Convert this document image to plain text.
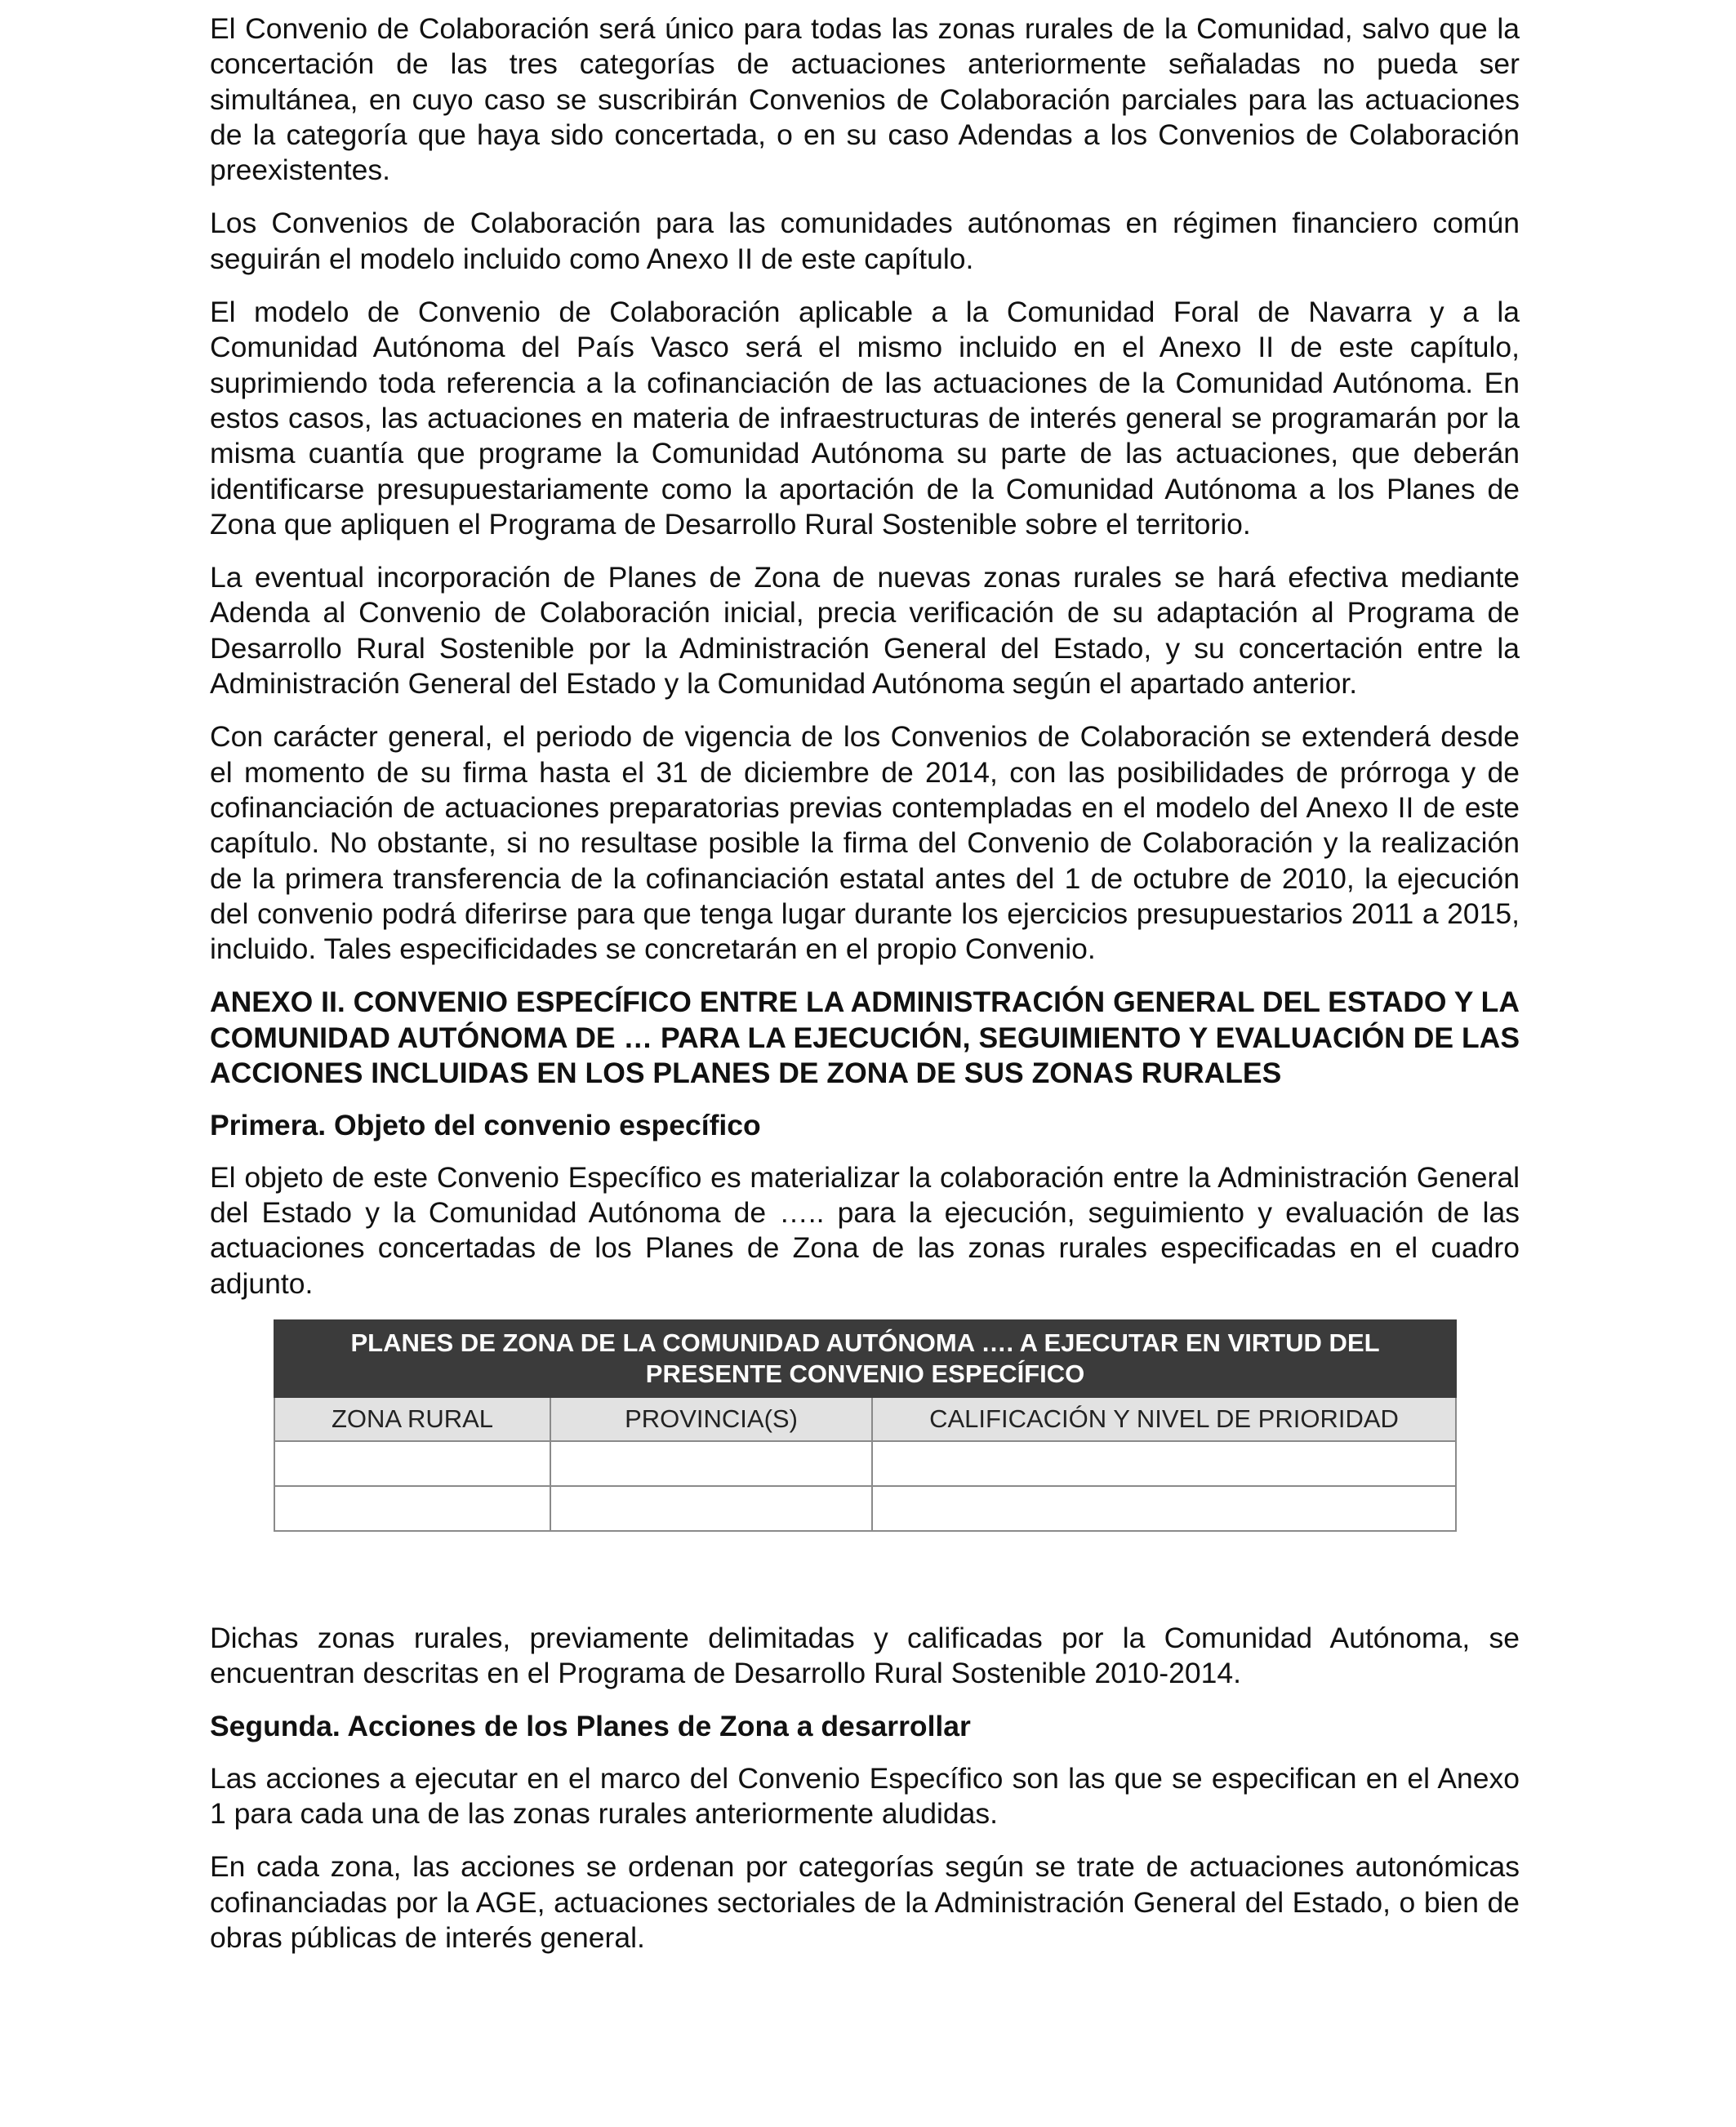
El Convenio de Colaboración será único para todas las zonas rurales de la Comunidad, salvo que la concertación de las tres categorías de actuaciones anteriormente señaladas no pueda ser simultánea, en cuyo caso se suscribirán Convenios de Colaboración parciales para las actuaciones de la categoría que haya sido concertada, o en su caso Adendas a los Convenios de Colaboración preexistentes.

Los Convenios de Colaboración para las comunidades autónomas en régimen financiero común seguirán el modelo incluido como Anexo II de este capítulo.

El modelo de Convenio de Colaboración aplicable a la Comunidad Foral de Navarra y a la Comunidad Autónoma del País Vasco será el mismo incluido en el Anexo II de este capítulo, suprimiendo toda referencia a la cofinanciación de las actuaciones de la Comunidad Autónoma. En estos casos, las actuaciones en materia de infraestructuras de interés general se programarán por la misma cuantía que programe la Comunidad Autónoma su parte de las actuaciones, que deberán identificarse presupuestariamente como la aportación de la Comunidad Autónoma a los Planes de Zona que apliquen el Programa de Desarrollo Rural Sostenible sobre el territorio.

La eventual incorporación de Planes de Zona de nuevas zonas rurales se hará efectiva mediante Adenda al Convenio de Colaboración inicial, precia verificación de su adaptación al Programa de Desarrollo Rural Sostenible por la Administración General del Estado, y su concertación entre la Administración General del Estado y la Comunidad Autónoma según el apartado anterior.

Con carácter general, el periodo de vigencia de los Convenios de Colaboración se extenderá desde el momento de su firma hasta el 31 de diciembre de 2014, con las posibilidades de prórroga y de cofinanciación de actuaciones preparatorias previas contempladas en el modelo del Anexo II de este capítulo. No obstante, si no resultase posible la firma del Convenio de Colaboración y la realización de la primera transferencia de la cofinanciación estatal antes del 1 de octubre de 2010, la ejecución del convenio podrá diferirse para que tenga lugar durante los ejercicios presupuestarios 2011 a 2015, incluido. Tales especificidades se concretarán en el propio Convenio.

ANEXO II. CONVENIO ESPECÍFICO ENTRE LA ADMINISTRACIÓN GENERAL DEL ESTADO Y LA COMUNIDAD AUTÓNOMA DE … PARA LA EJECUCIÓN, SEGUIMIENTO Y EVALUACIÓN DE LAS ACCIONES INCLUIDAS EN LOS PLANES DE ZONA DE SUS ZONAS RURALES
Primera. Objeto del convenio específico

El objeto de este Convenio Específico es materializar la colaboración entre la Administración General del Estado y la Comunidad Autónoma de ….. para la ejecución, seguimiento y evaluación de las actuaciones concertadas de los Planes de Zona de las zonas rurales especificadas en el cuadro adjunto.

PLANES DE ZONA DE LA COMUNIDAD AUTÓNOMA …. A EJECUTAR EN VIRTUD DEL PRESENTE CONVENIO ESPECÍFICO		
ZONA RURAL	PROVINCIA(S)	CALIFICACIÓN Y NIVEL DE PRIORIDAD

Dichas zonas rurales, previamente delimitadas y calificadas por la Comunidad Autónoma, se encuentran descritas en el Programa de Desarrollo Rural Sostenible 2010-2014.

Segunda. Acciones de los Planes de Zona a desarrollar

Las acciones a ejecutar en el marco del Convenio Específico son las que se especifican en el Anexo 1 para cada una de las zonas rurales anteriormente aludidas.

En cada zona, las acciones se ordenan por categorías según se trate de actuaciones autonómicas cofinanciadas por la AGE, actuaciones sectoriales de la Administración General del Estado, o bien de obras públicas de interés general.
